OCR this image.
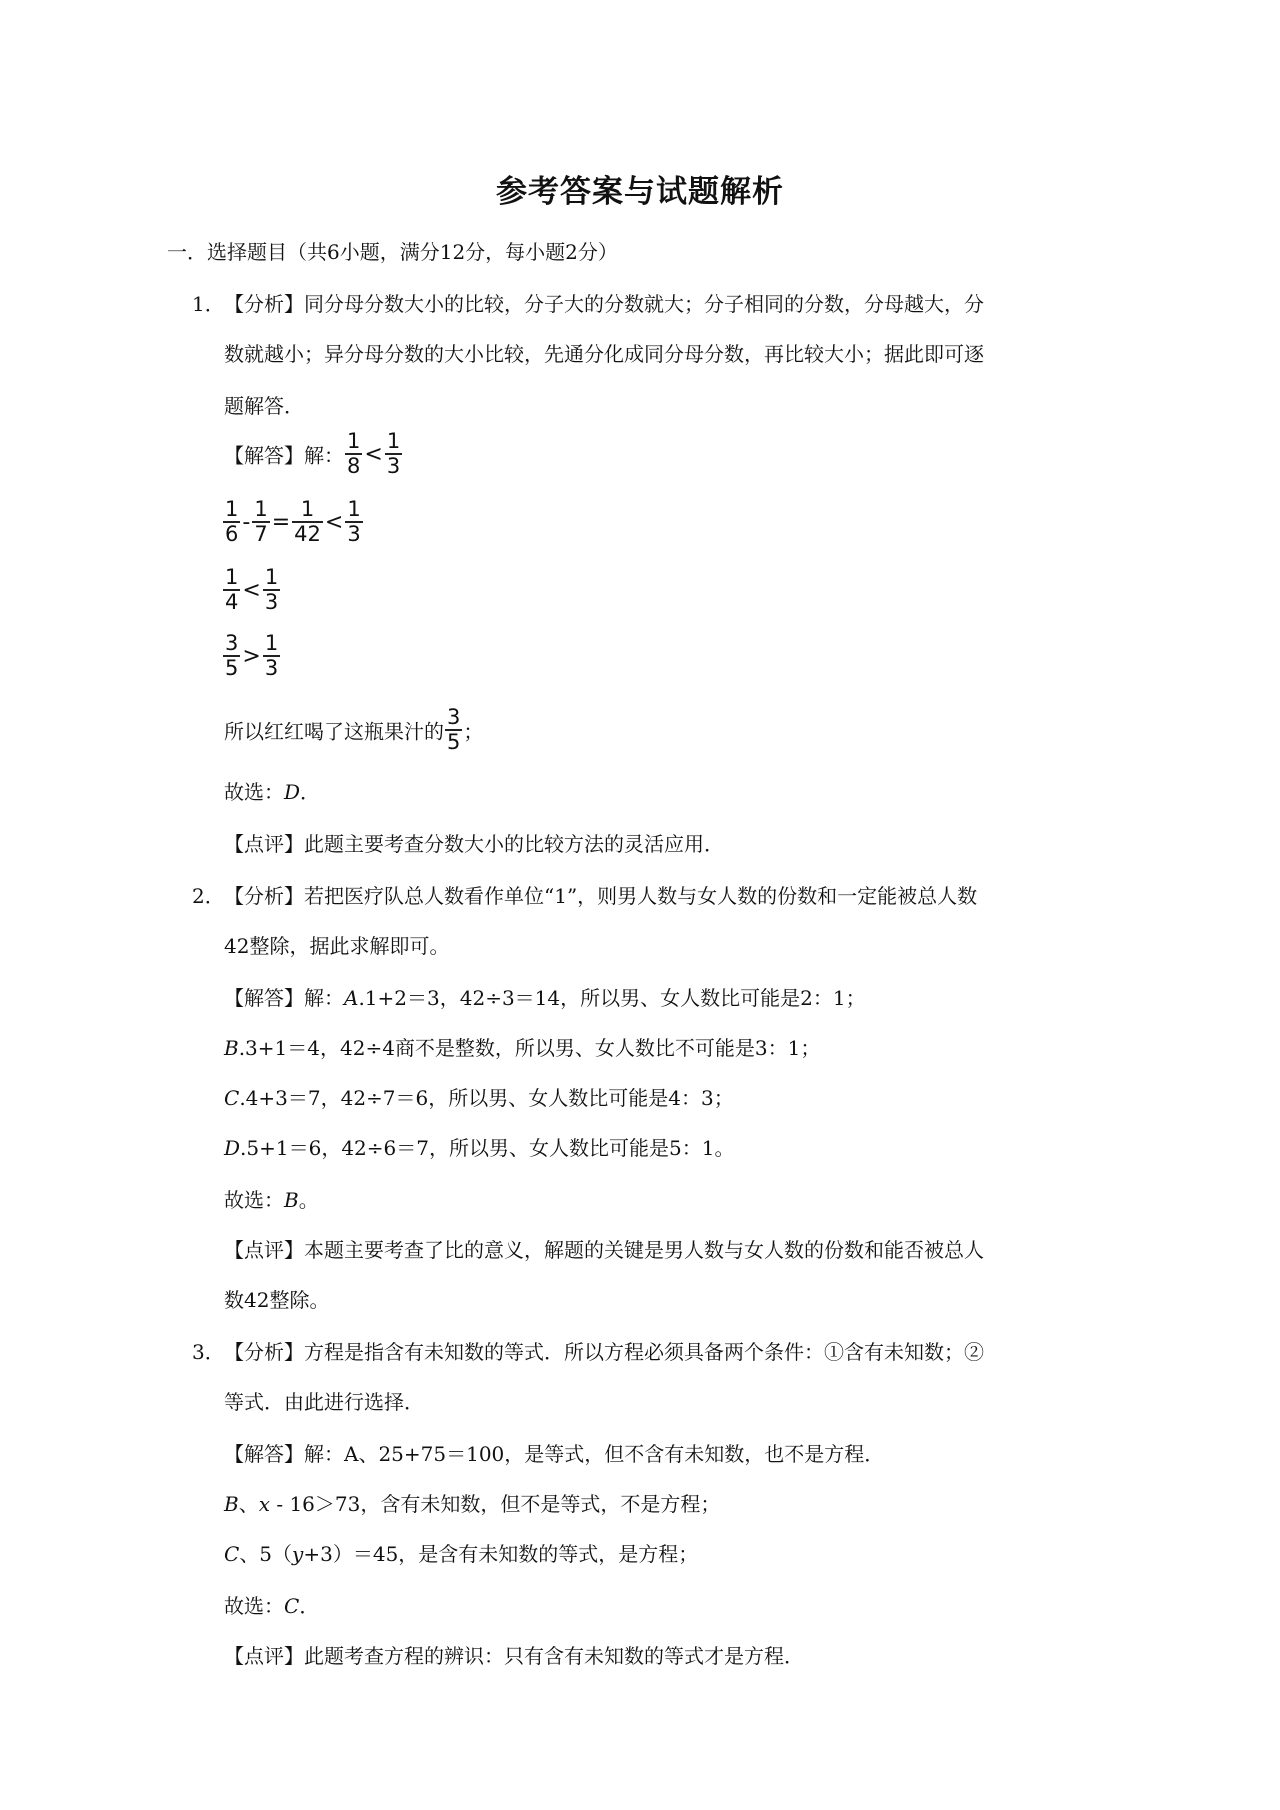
参考答案与试题解析
一．选择题目（共6小题，满分12分，每小题2分）
1． 【分析】同分母分数大小的比较，分子大的分数就大；分子相同的分数，分母越大，分
数就越小；异分母分数的大小比较，先通分化成同分母分数，再比较大小；据此即可逐
题解答．
【解答】解： $\frac{1}{8} < \frac{1}{3}$
$\frac{1}{6} - \frac{1}{7} = \frac{1}{42} < \frac{1}{3}$
$\frac{1}{4} < \frac{1}{3}$
$\frac{3}{5} > \frac{1}{3}$
所以红红喝了这瓶果汁的 $\frac{3}{5}$ ；
故选：D．
【点评】此题主要考查分数大小的比较方法的灵活应用．
2． 【分析】若把医疗队总人数看作单位“1”，则男人数与女人数的份数和一定能被总人数
42整除，据此求解即可。
【解答】解：A.1+2＝3，42÷3＝14，所以男、女人数比可能是2：1；
B.3+1＝4，42÷4商不是整数，所以男、女人数比不可能是3：1；
C.4+3＝7，42÷7＝6，所以男、女人数比可能是4：3；
D.5+1＝6，42÷6＝7，所以男、女人数比可能是5：1。
故选：B。
【点评】本题主要考查了比的意义，解题的关键是男人数与女人数的份数和能否被总人
数42整除。
3． 【分析】方程是指含有未知数的等式．所以方程必须具备两个条件：①含有未知数；②
等式．由此进行选择．
【解答】解：A、25+75＝100，是等式，但不含有未知数，也不是方程．
B、x - 16＞73，含有未知数，但不是等式，不是方程；
C、5（y+3）＝45，是含有未知数的等式，是方程；
故选：C．
【点评】此题考查方程的辨识：只有含有未知数的等式才是方程．
